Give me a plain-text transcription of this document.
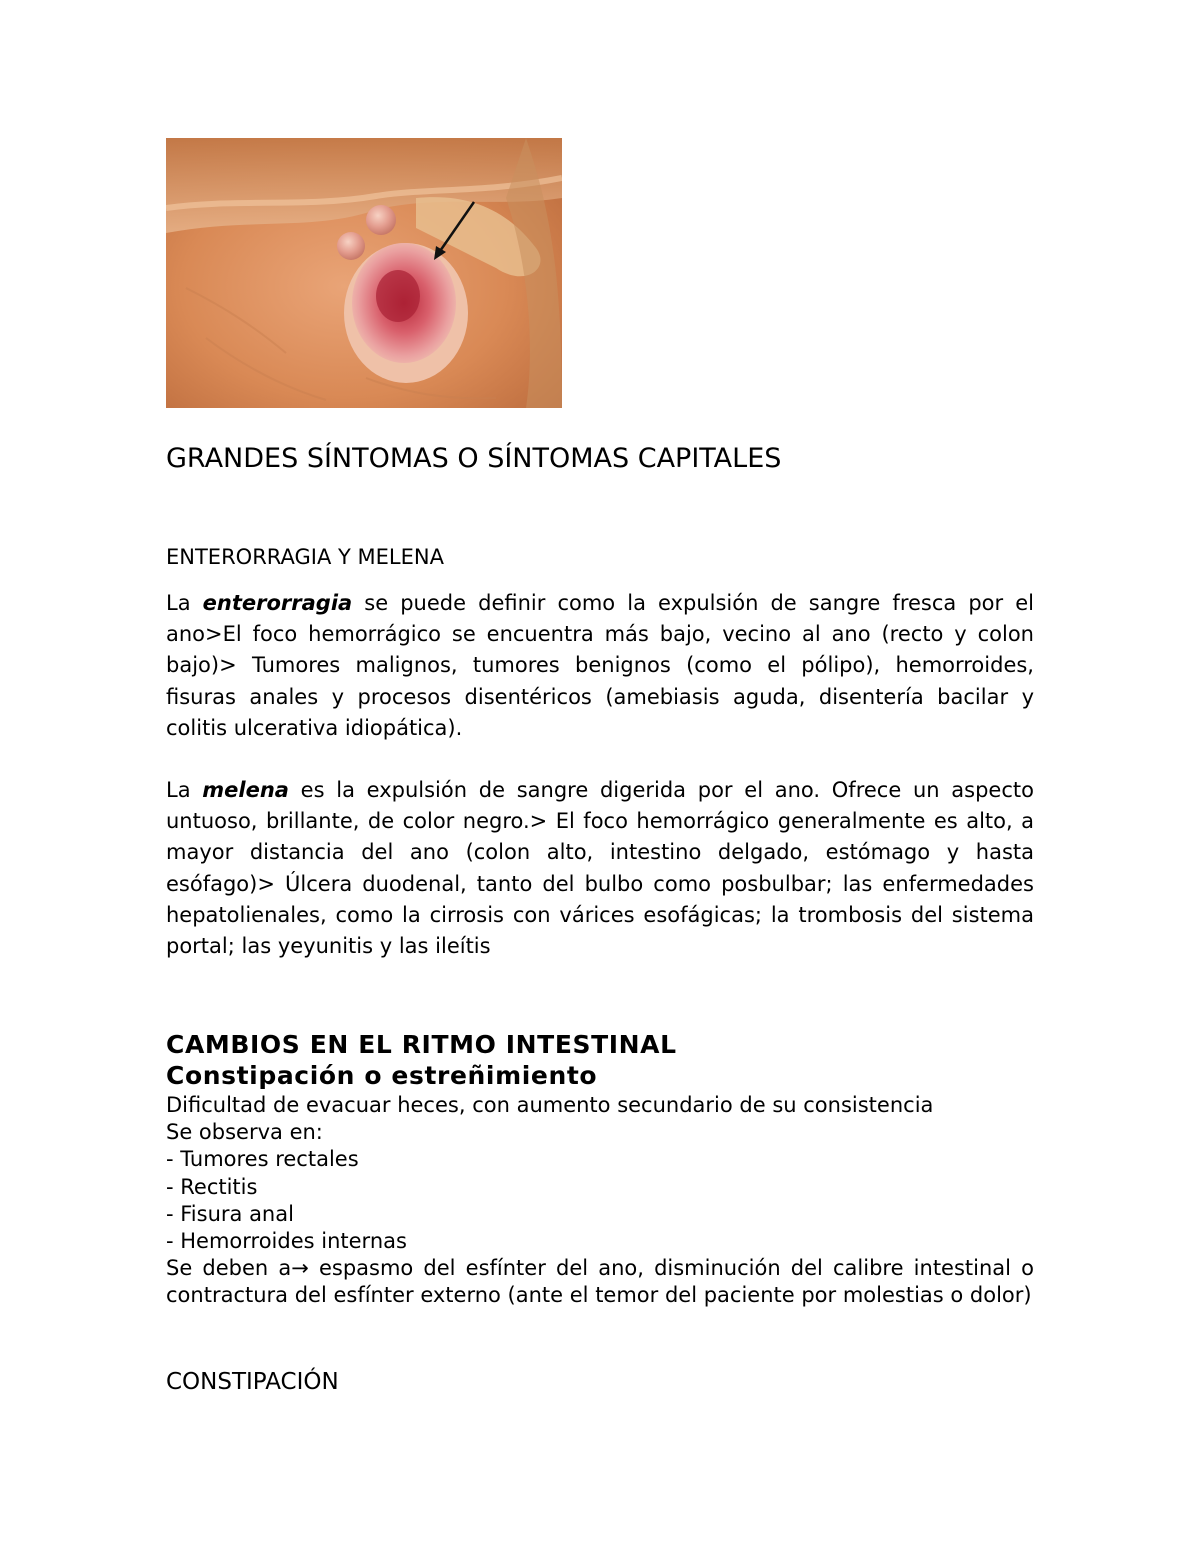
GRANDES SÍNTOMAS O SÍNTOMAS CAPITALES
ENTERORRAGIA Y MELENA

La enterorragia se puede definir como la expulsión de sangre fresca por el ano>El foco hemorrágico se encuentra más bajo, vecino al ano (recto y colon bajo)> Tumores malignos, tumores benignos (como el pólipo), hemorroides, fisuras anales y procesos disentéricos (amebiasis aguda, disentería bacilar y colitis ulcerativa idiopática).

La melena es la expulsión de sangre digerida por el ano. Ofrece un aspecto untuoso, brillante, de color negro.> El foco hemorrágico generalmente es alto, a mayor distancia del ano (colon alto, intestino delgado, estómago y hasta esófago)> Úlcera duodenal, tanto del bulbo como posbulbar; las enfermedades hepatolienales, como la cirrosis con várices esofágicas; la trombosis del sistema portal; las yeyunitis y las ileítis

CAMBIOS EN EL RITMO INTESTINAL
Constipación o estreñimiento
Dificultad de evacuar heces, con aumento secundario de su consistencia
Se observa en:
- Tumores rectales
- Rectitis
- Fisura anal
- Hemorroides internas
Se deben a→ espasmo del esfínter del ano, disminución del calibre intestinal o contractura del esfínter externo (ante el temor del paciente por molestias o dolor)
CONSTIPACIÓN
